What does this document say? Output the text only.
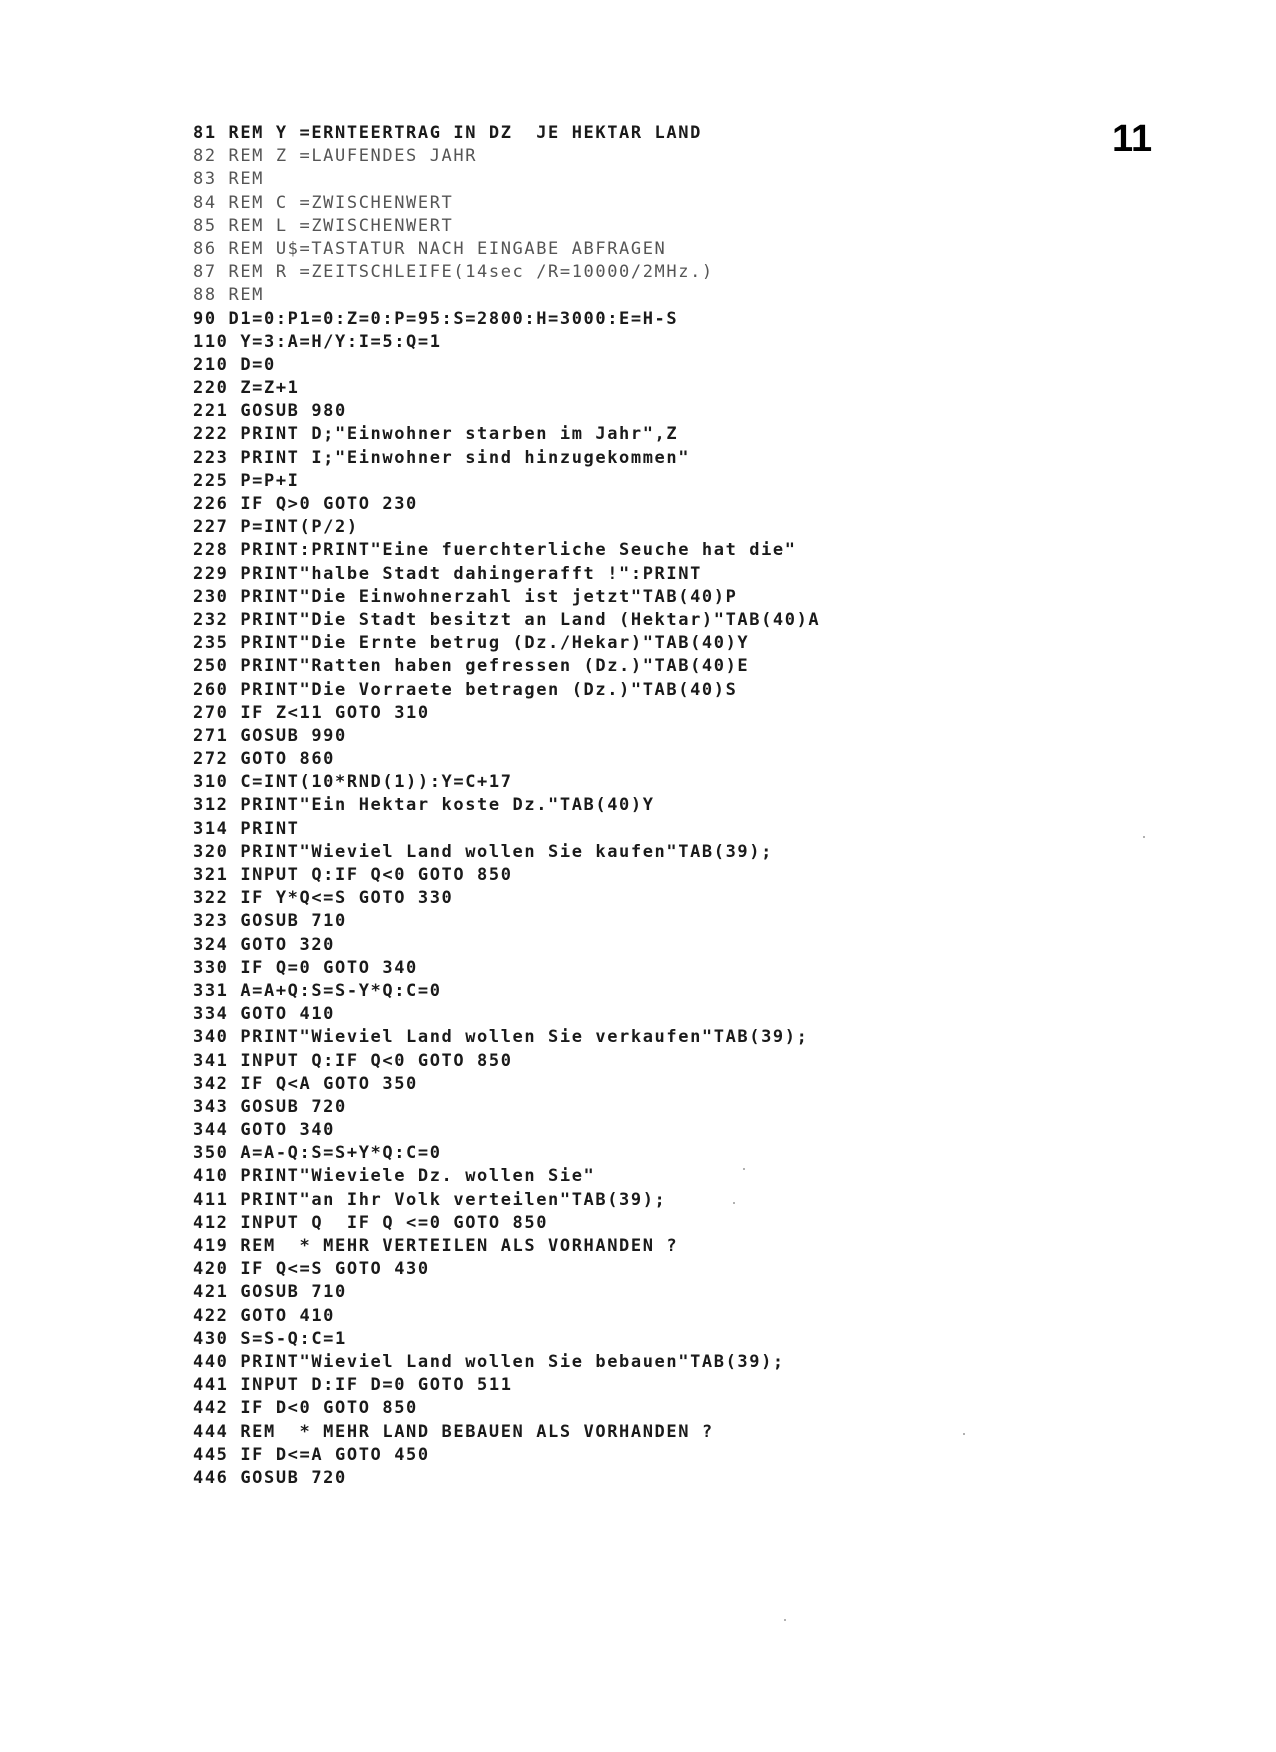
11
81 REM Y =ERNTEERTRAG IN DZ  JE HEKTAR LAND
82 REM Z =LAUFENDES JAHR
83 REM
84 REM C =ZWISCHENWERT
85 REM L =ZWISCHENWERT
86 REM U$=TASTATUR NACH EINGABE ABFRAGEN
87 REM R =ZEITSCHLEIFE(14sec /R=10000/2MHz.)
88 REM
90 D1=0:P1=0:Z=0:P=95:S=2800:H=3000:E=H-S
110 Y=3:A=H/Y:I=5:Q=1
210 D=0
220 Z=Z+1
221 GOSUB 980
222 PRINT D;"Einwohner starben im Jahr",Z
223 PRINT I;"Einwohner sind hinzugekommen"
225 P=P+I
226 IF Q>0 GOTO 230
227 P=INT(P/2)
228 PRINT:PRINT"Eine fuerchterliche Seuche hat die"
229 PRINT"halbe Stadt dahingerafft !":PRINT
230 PRINT"Die Einwohnerzahl ist jetzt"TAB(40)P
232 PRINT"Die Stadt besitzt an Land (Hektar)"TAB(40)A
235 PRINT"Die Ernte betrug (Dz./Hekar)"TAB(40)Y
250 PRINT"Ratten haben gefressen (Dz.)"TAB(40)E
260 PRINT"Die Vorraete betragen (Dz.)"TAB(40)S
270 IF Z<11 GOTO 310
271 GOSUB 990
272 GOTO 860
310 C=INT(10*RND(1)):Y=C+17
312 PRINT"Ein Hektar koste Dz."TAB(40)Y
314 PRINT
320 PRINT"Wieviel Land wollen Sie kaufen"TAB(39);
321 INPUT Q:IF Q<0 GOTO 850
322 IF Y*Q<=S GOTO 330
323 GOSUB 710
324 GOTO 320
330 IF Q=0 GOTO 340
331 A=A+Q:S=S-Y*Q:C=0
334 GOTO 410
340 PRINT"Wieviel Land wollen Sie verkaufen"TAB(39);
341 INPUT Q:IF Q<0 GOTO 850
342 IF Q<A GOTO 350
343 GOSUB 720
344 GOTO 340
350 A=A-Q:S=S+Y*Q:C=0
410 PRINT"Wieviele Dz. wollen Sie"
411 PRINT"an Ihr Volk verteilen"TAB(39);
412 INPUT Q  IF Q <=0 GOTO 850
419 REM  * MEHR VERTEILEN ALS VORHANDEN ?
420 IF Q<=S GOTO 430
421 GOSUB 710
422 GOTO 410
430 S=S-Q:C=1
440 PRINT"Wieviel Land wollen Sie bebauen"TAB(39);
441 INPUT D:IF D=0 GOTO 511
442 IF D<0 GOTO 850
444 REM  * MEHR LAND BEBAUEN ALS VORHANDEN ?
445 IF D<=A GOTO 450
446 GOSUB 720
